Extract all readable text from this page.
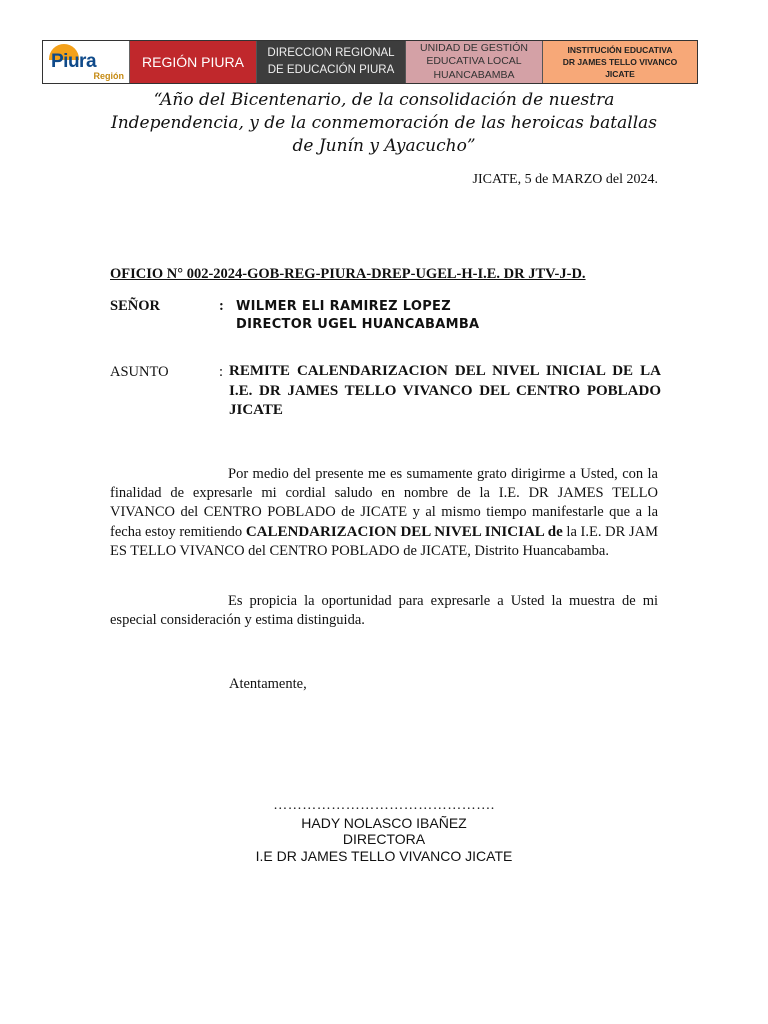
Piura
Región
REGIÓN PIURA
DIRECCION REGIONAL
DE EDUCACIÓN PIURA
UNIDAD DE GESTIÓN
EDUCATIVA LOCAL
HUANCABAMBA
INSTITUCIÓN EDUCATIVA
DR JAMES TELLO VIVANCO
JICATE
“Año del Bicentenario, de la consolidación de nuestra Independencia, y de la conmemoración de las heroicas batallas de Junín y Ayacucho”
JICATE, 5 de MARZO del 2024.
OFICIO N° 002-2024-GOB-REG-PIURA-DREP-UGEL-H-I.E. DR JTV-J-D.
SEÑOR	: WILMER ELI RAMIREZ LOPEZ
DIRECTOR UGEL HUANCABAMBA
ASUNTO	: REMITE CALENDARIZACION DEL NIVEL INICIAL DE LA I.E. DR JAMES TELLO VIVANCO DEL CENTRO POBLADO JICATE
Por medio del presente me es sumamente grato dirigirme a Usted, con la finalidad de expresarle mi cordial saludo en nombre de la I.E. DR JAMES TELLO VIVANCO del CENTRO POBLADO de JICATE y al mismo tiempo manifestarle que a la fecha estoy remitiendo CALENDARIZACION DEL NIVEL INICIAL de la I.E. DR JAM ES TELLO VIVANCO del CENTRO POBLADO de JICATE, Distrito Huancabamba.
Es propicia la oportunidad para expresarle a Usted la muestra de mi especial consideración y estima distinguida.
Atentamente,
……………………………………….
HADY NOLASCO IBAÑEZ
DIRECTORA
I.E DR JAMES TELLO VIVANCO JICATE
